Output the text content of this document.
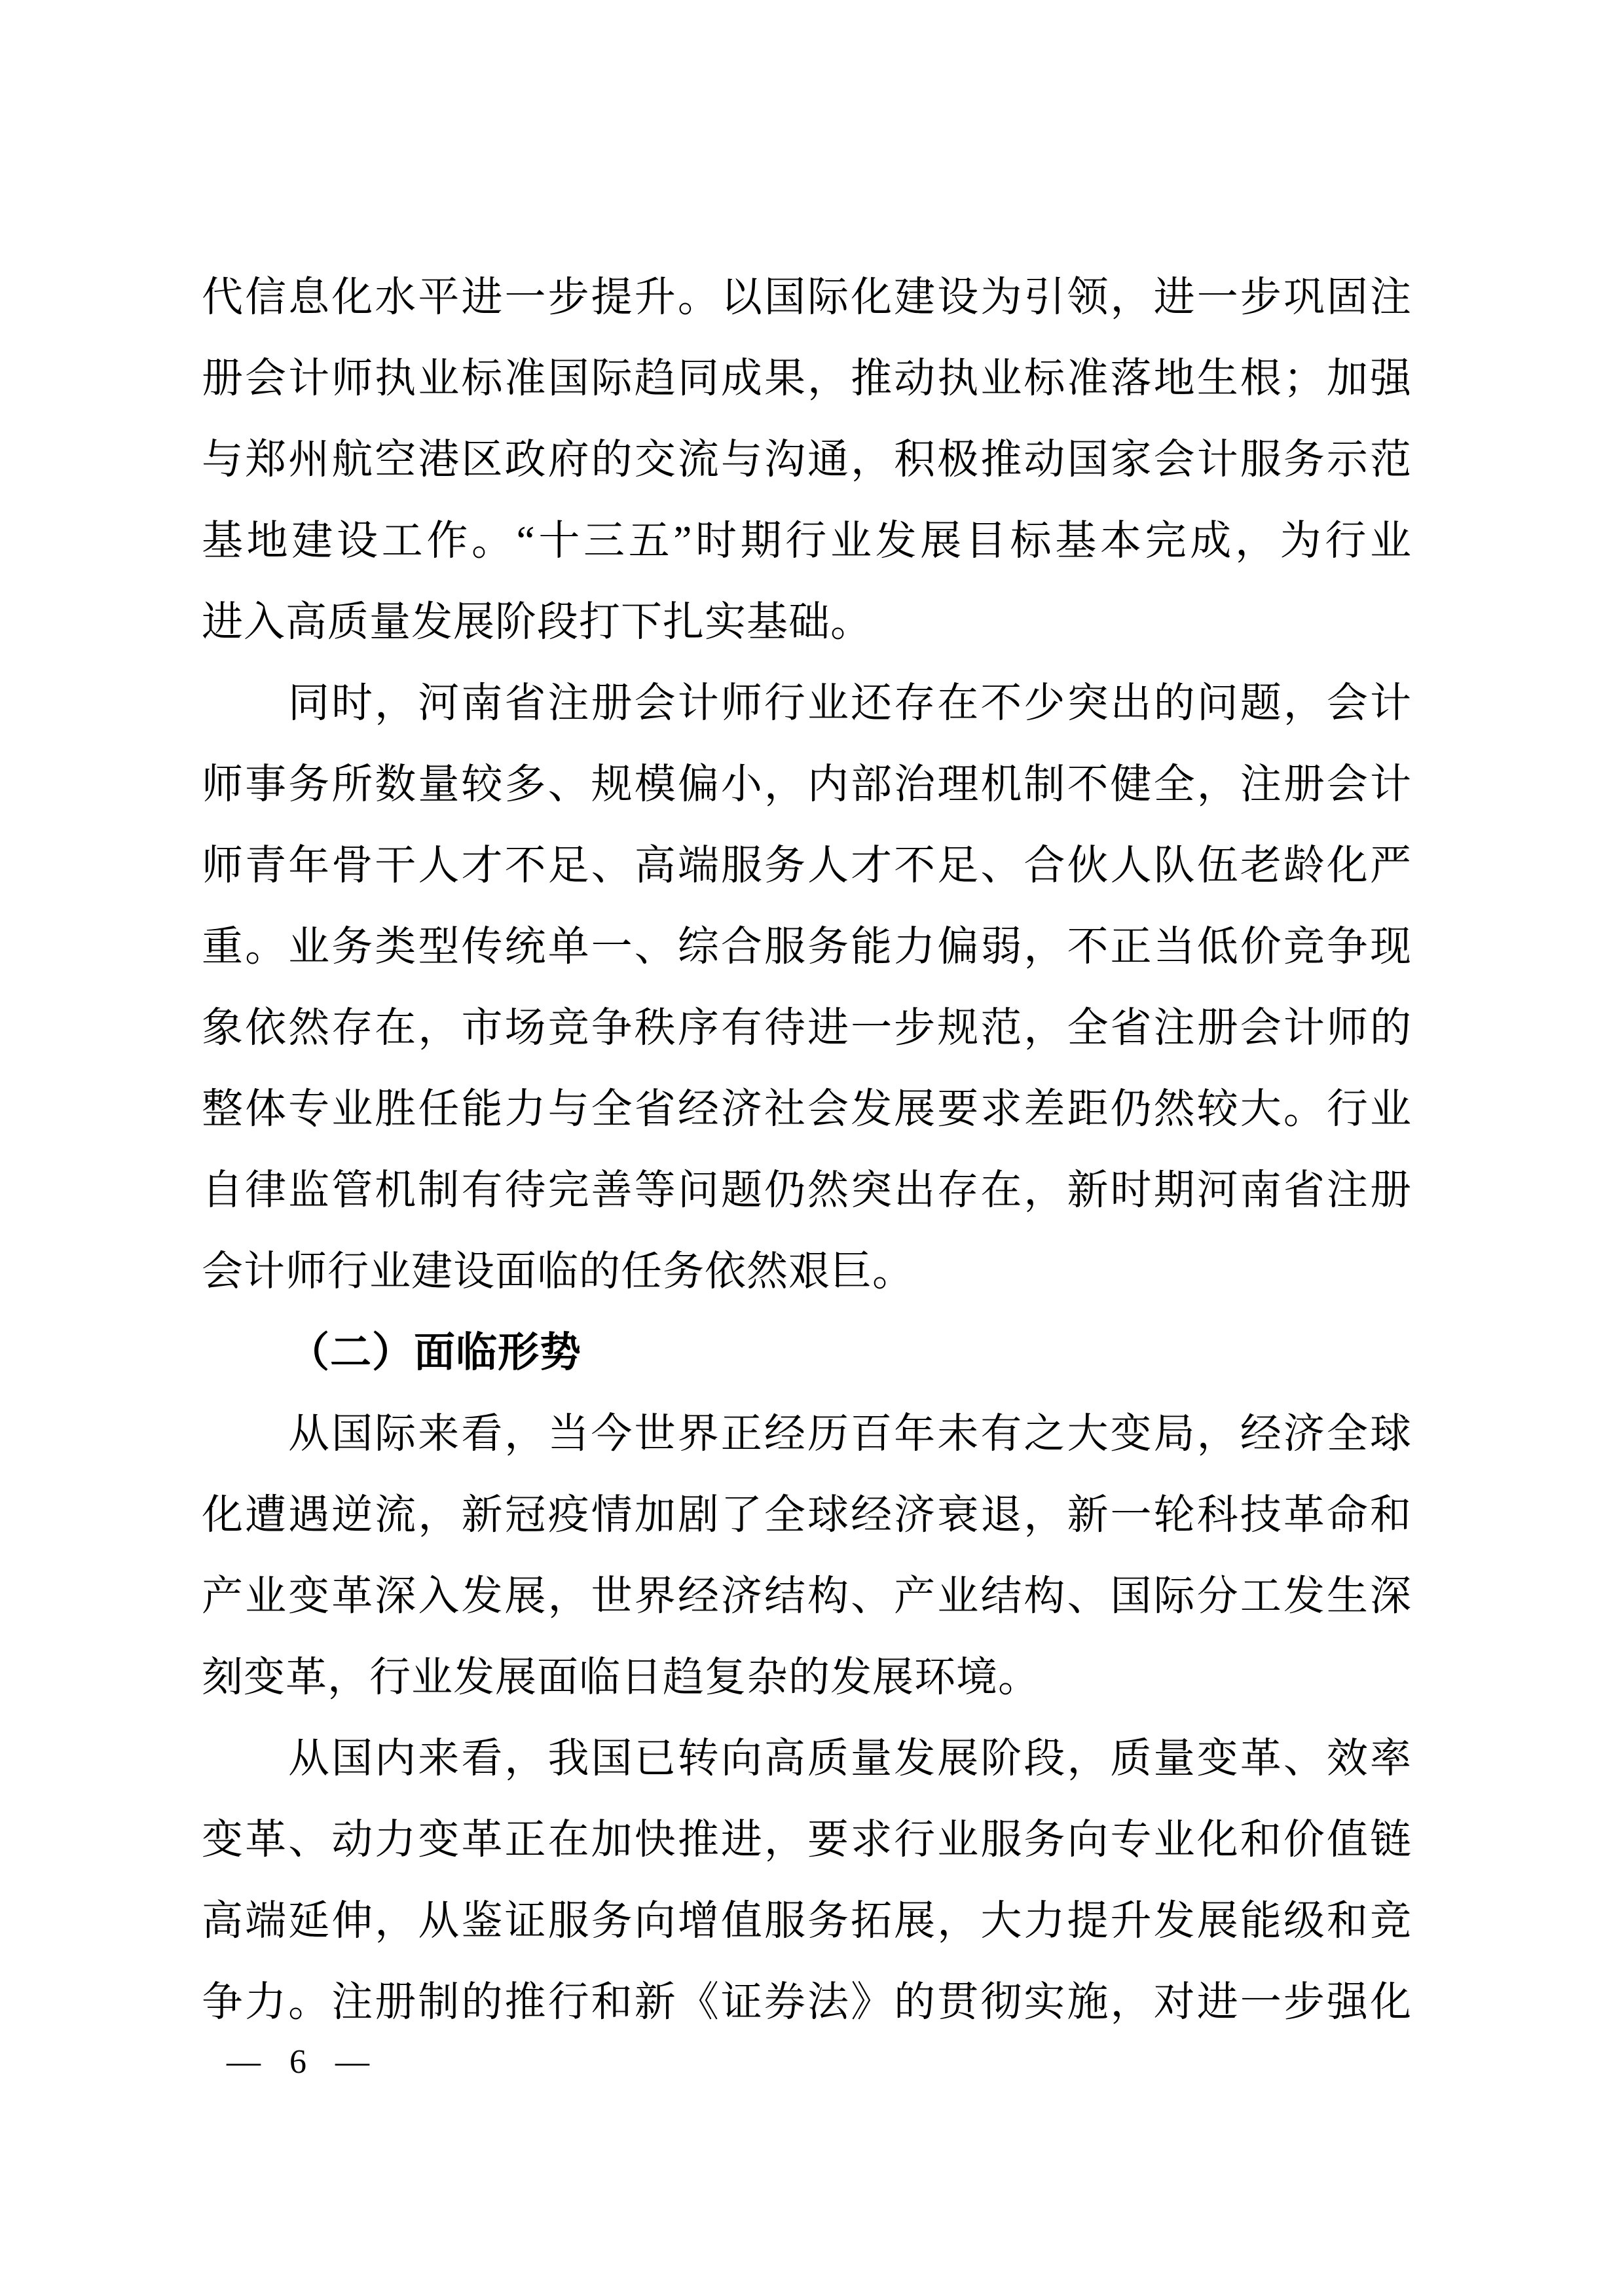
代信息化水平进一步提升。以国际化建设为引领，进一步巩固注
册会计师执业标准国际趋同成果，推动执业标准落地生根；加强
与郑州航空港区政府的交流与沟通，积极推动国家会计服务示范
基地建设工作。“十三五”时期行业发展目标基本完成，为行业
进入高质量发展阶段打下扎实基础。
同时，河南省注册会计师行业还存在不少突出的问题，会计
师事务所数量较多、规模偏小，内部治理机制不健全，注册会计
师青年骨干人才不足、高端服务人才不足、合伙人队伍老龄化严
重。业务类型传统单一、综合服务能力偏弱，不正当低价竞争现
象依然存在，市场竞争秩序有待进一步规范，全省注册会计师的
整体专业胜任能力与全省经济社会发展要求差距仍然较大。行业
自律监管机制有待完善等问题仍然突出存在，新时期河南省注册
会计师行业建设面临的任务依然艰巨。
（二）面临形势
从国际来看，当今世界正经历百年未有之大变局，经济全球
化遭遇逆流，新冠疫情加剧了全球经济衰退，新一轮科技革命和
产业变革深入发展，世界经济结构、产业结构、国际分工发生深
刻变革，行业发展面临日趋复杂的发展环境。
从国内来看，我国已转向高质量发展阶段，质量变革、效率
变革、动力变革正在加快推进，要求行业服务向专业化和价值链
高端延伸，从鉴证服务向增值服务拓展，大力提升发展能级和竞
争力。注册制的推行和新《证券法》的贯彻实施，对进一步强化
— 6 —
